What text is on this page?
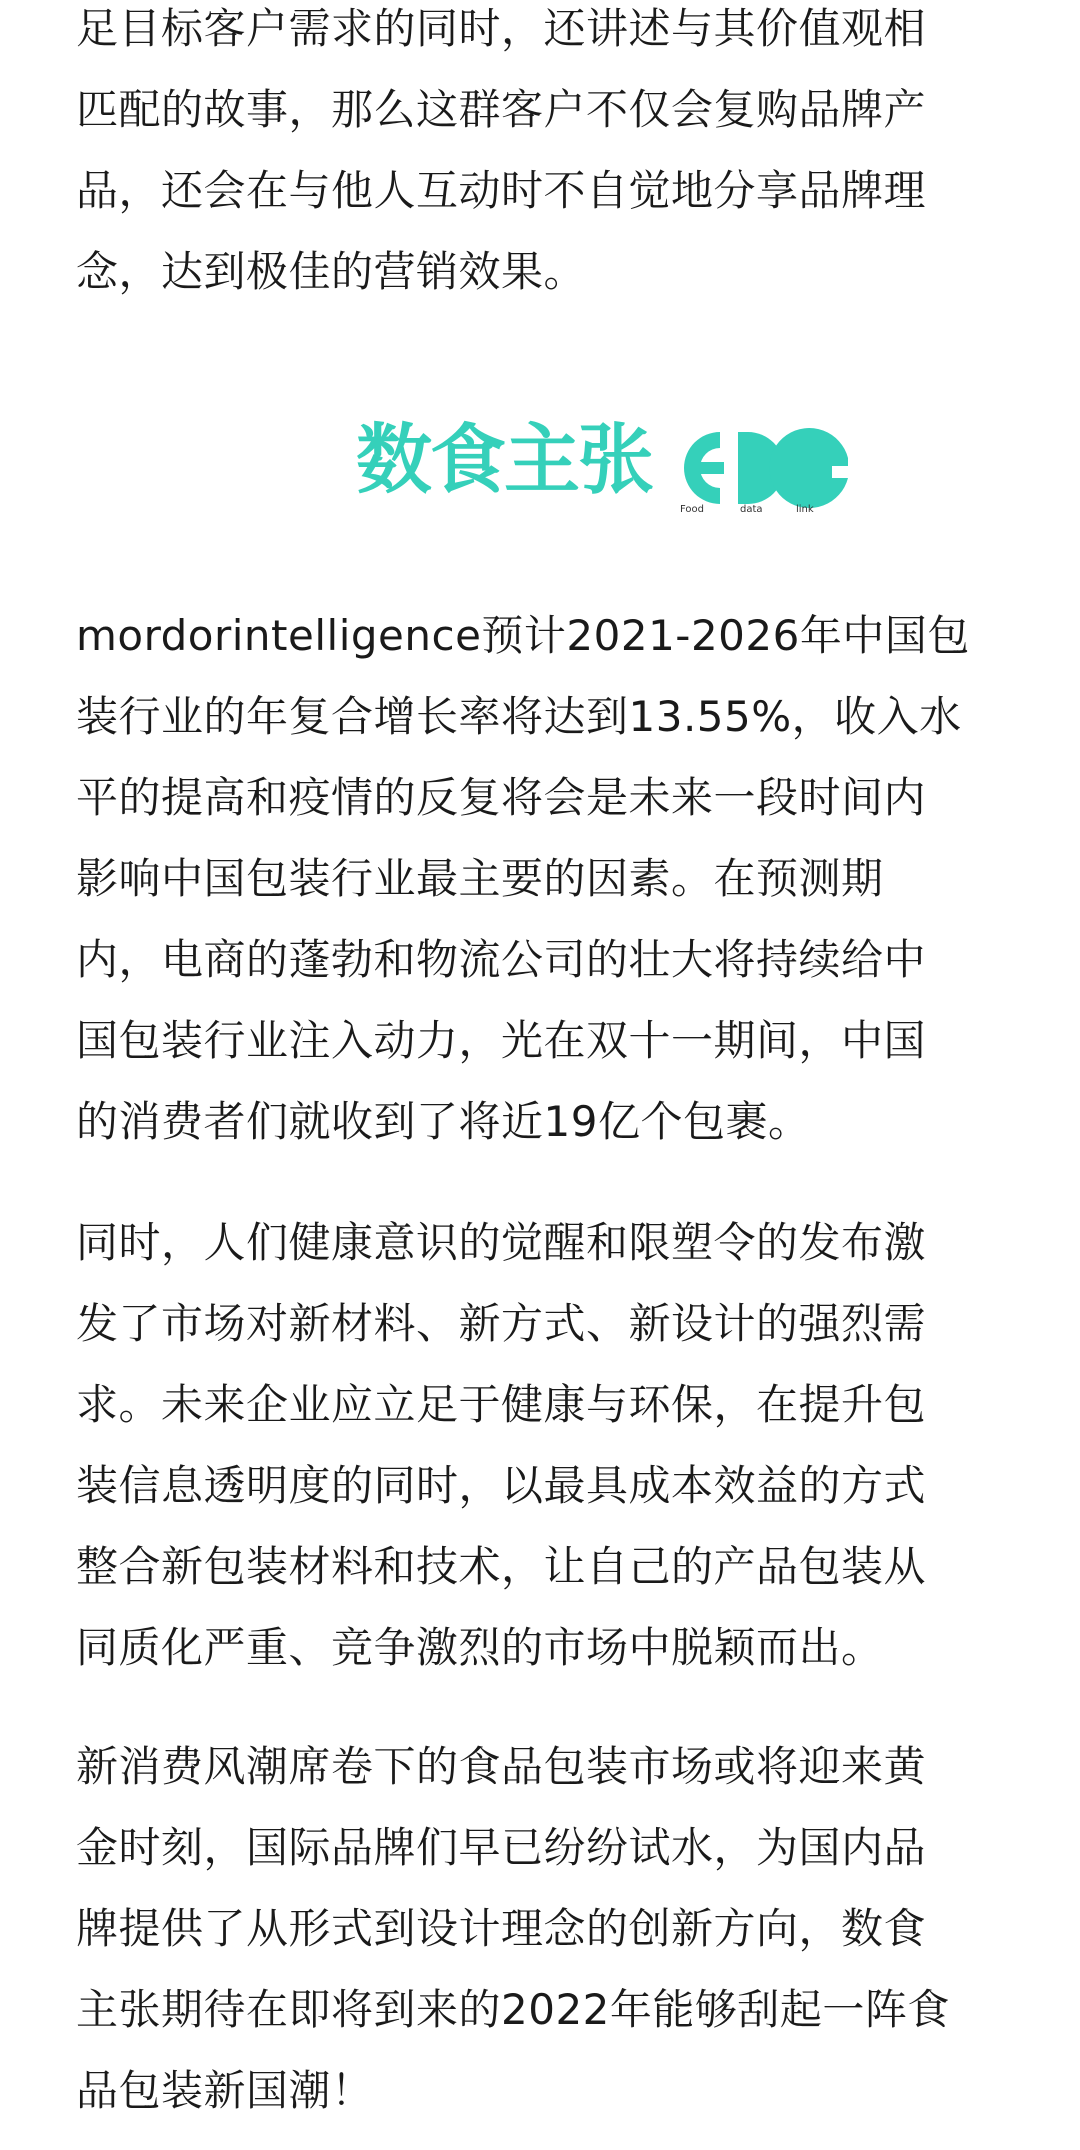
足目标客户需求的同时，还讲述与其价值观相
匹配的故事，那么这群客户不仅会复购品牌产
品，还会在与他人互动时不自觉地分享品牌理
念，达到极佳的营销效果。

数食主张
Food	data	link

mordorintelligence预计2021-2026年中国包
装行业的年复合增长率将达到13.55%，收入水
平的提高和疫情的反复将会是未来一段时间内
影响中国包装行业最主要的因素。在预测期
内，电商的蓬勃和物流公司的壮大将持续给中
国包装行业注入动力，光在双十一期间，中国
的消费者们就收到了将近19亿个包裹。

同时，人们健康意识的觉醒和限塑令的发布激
发了市场对新材料、新方式、新设计的强烈需
求。未来企业应立足于健康与环保，在提升包
装信息透明度的同时，以最具成本效益的方式
整合新包装材料和技术，让自己的产品包装从
同质化严重、竞争激烈的市场中脱颖而出。

新消费风潮席卷下的食品包装市场或将迎来黄
金时刻，国际品牌们早已纷纷试水，为国内品
牌提供了从形式到设计理念的创新方向，数食
主张期待在即将到来的2022年能够刮起一阵食
品包装新国潮！
